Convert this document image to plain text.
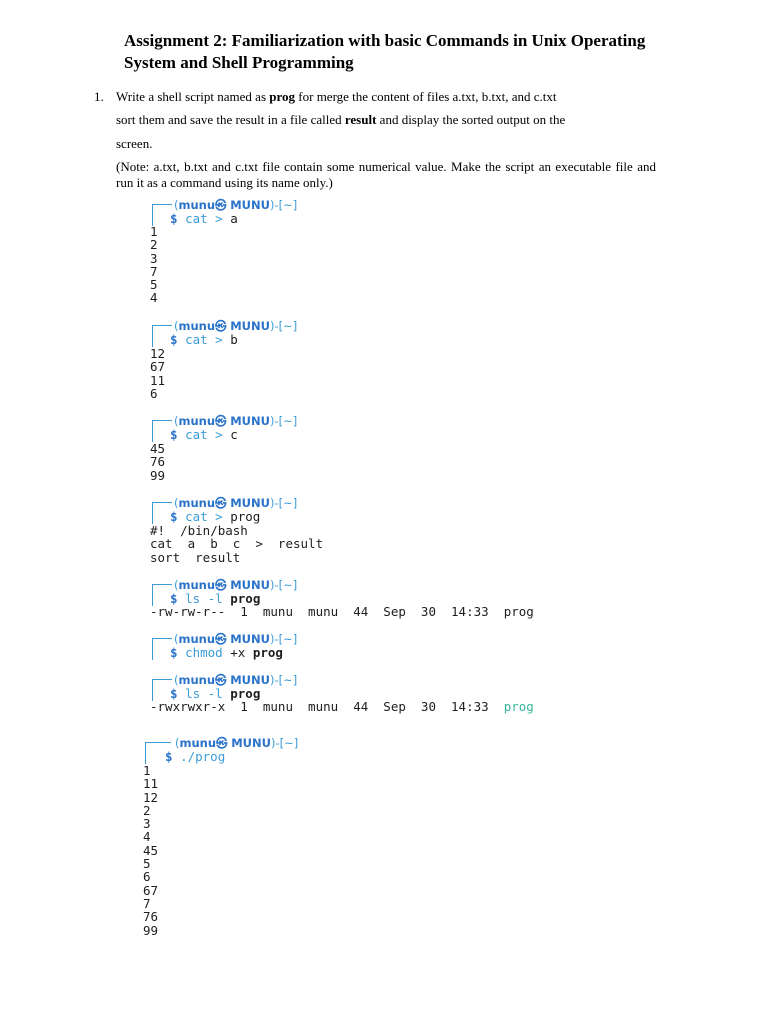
Assignment 2: Familiarization with basic Commands in Unix Operating
System and Shell Programming
1. Write a shell script named as prog for merge the content of files a.txt, b.txt, and c.txt
sort them and save the result in a file called result and display the sorted output on the
screen.
(Note: a.txt, b.txt and c.txt file contain some numerical value. Make the script an executable file and run it as a command using its name only.)
(munu㉿ MUNU)-[~]
$ cat > a
1
2
3
7
5
4
(munu㉿ MUNU)-[~]
$ cat > b
12
67
11
6
(munu㉿ MUNU)-[~]
$ cat > c
45
76
99
(munu㉿ MUNU)-[~]
$ cat > prog
#!  /bin/bash
cat  a  b  c  >  result
sort  result
(munu㉿ MUNU)-[~]
$ ls -l prog
-rw-rw-r--  1  munu  munu  44  Sep  30  14:33  prog
(munu㉿ MUNU)-[~]
$ chmod +x prog
(munu㉿ MUNU)-[~]
$ ls -l prog
-rwxrwxr-x  1  munu  munu  44  Sep  30  14:33  prog
(munu㉿ MUNU)-[~]
$ ./prog
1
11
12
2
3
4
45
5
6
67
7
76
99
